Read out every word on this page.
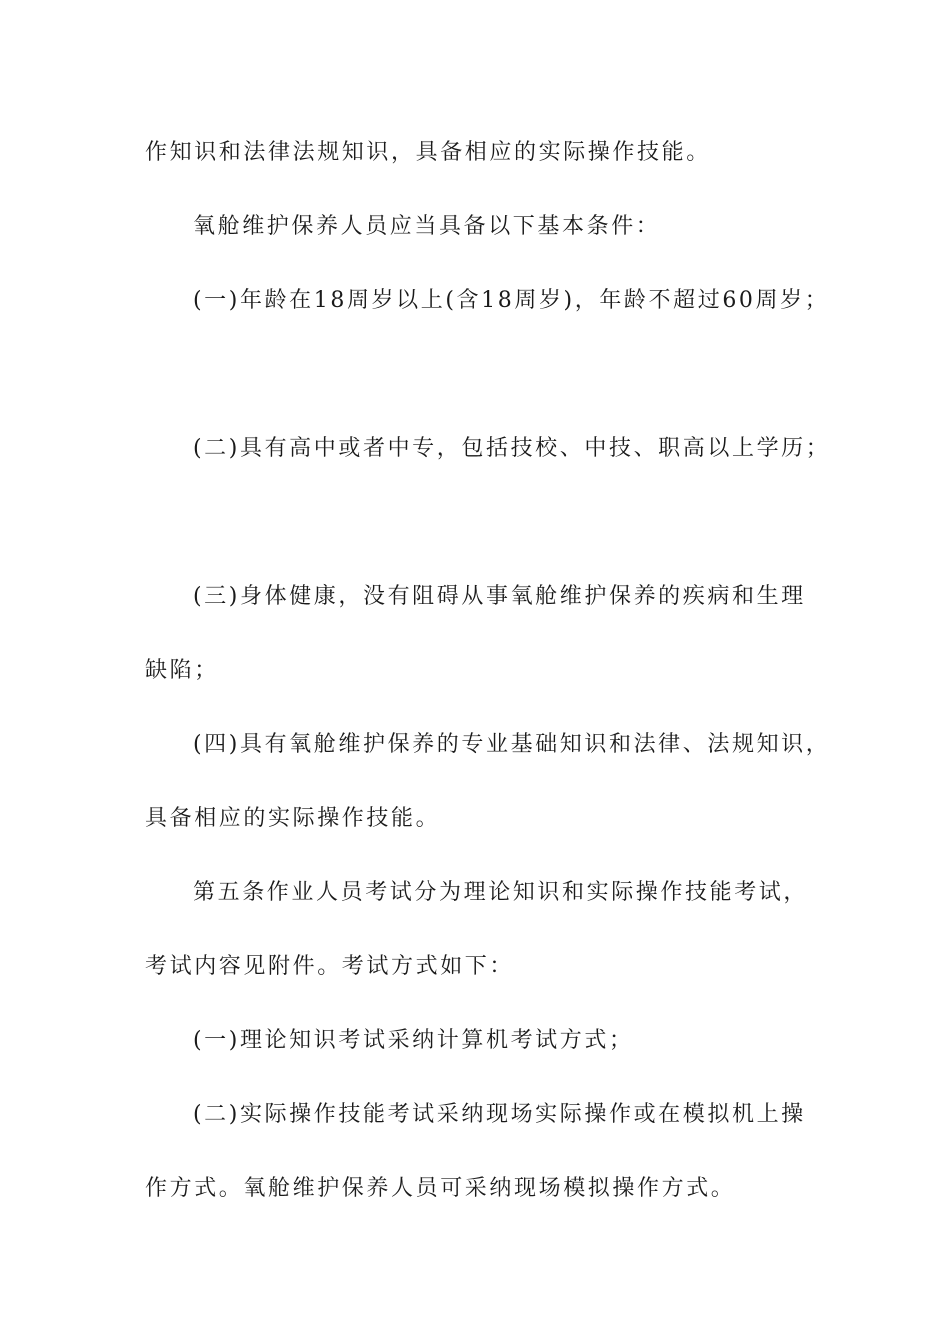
作知识和法律法规知识，具备相应的实际操作技能。
氧舱维护保养人员应当具备以下基本条件：
(一)年龄在18周岁以上(含18周岁)，年龄不超过60周岁；
(二)具有高中或者中专，包括技校、中技、职高以上学历；
(三)身体健康，没有阻碍从事氧舱维护保养的疾病和生理
缺陷；
(四)具有氧舱维护保养的专业基础知识和法律、法规知识，
具备相应的实际操作技能。
第五条作业人员考试分为理论知识和实际操作技能考试，
考试内容见附件。考试方式如下：
(一)理论知识考试采纳计算机考试方式；
(二)实际操作技能考试采纳现场实际操作或在模拟机上操
作方式。氧舱维护保养人员可采纳现场模拟操作方式。
